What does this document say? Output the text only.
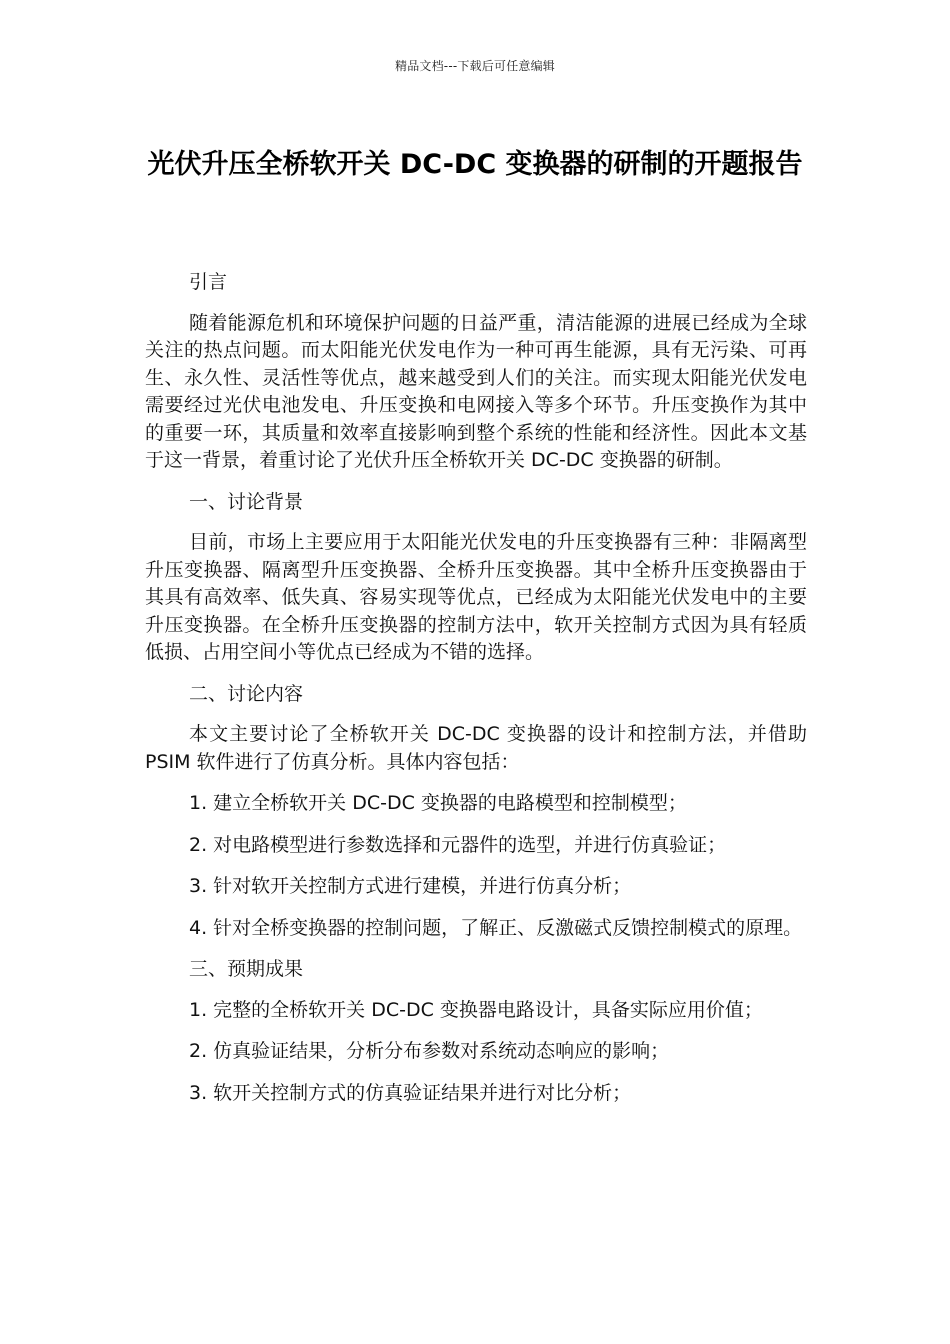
精品文档---下载后可任意编辑
光伏升压全桥软开关 DC-DC 变换器的研制的开题报告

引言

随着能源危机和环境保护问题的日益严重，清洁能源的进展已经成为全球关注的热点问题。而太阳能光伏发电作为一种可再生能源，具有无污染、可再生、永久性、灵活性等优点，越来越受到人们的关注。而实现太阳能光伏发电需要经过光伏电池发电、升压变换和电网接入等多个环节。升压变换作为其中的重要一环，其质量和效率直接影响到整个系统的性能和经济性。因此本文基于这一背景，着重讨论了光伏升压全桥软开关 DC-DC 变换器的研制。

一、讨论背景

目前，市场上主要应用于太阳能光伏发电的升压变换器有三种：非隔离型升压变换器、隔离型升压变换器、全桥升压变换器。其中全桥升压变换器由于其具有高效率、低失真、容易实现等优点，已经成为太阳能光伏发电中的主要升压变换器。在全桥升压变换器的控制方法中，软开关控制方式因为具有轻质低损、占用空间小等优点已经成为不错的选择。

二、讨论内容

本文主要讨论了全桥软开关 DC-DC 变换器的设计和控制方法，并借助 PSIM 软件进行了仿真分析。具体内容包括：

1. 建立全桥软开关 DC-DC 变换器的电路模型和控制模型；

2. 对电路模型进行参数选择和元器件的选型，并进行仿真验证；

3. 针对软开关控制方式进行建模，并进行仿真分析；

4. 针对全桥变换器的控制问题，了解正、反激磁式反馈控制模式的原理。

三、预期成果

1. 完整的全桥软开关 DC-DC 变换器电路设计，具备实际应用价值；

2. 仿真验证结果，分析分布参数对系统动态响应的影响；

3. 软开关控制方式的仿真验证结果并进行对比分析；
